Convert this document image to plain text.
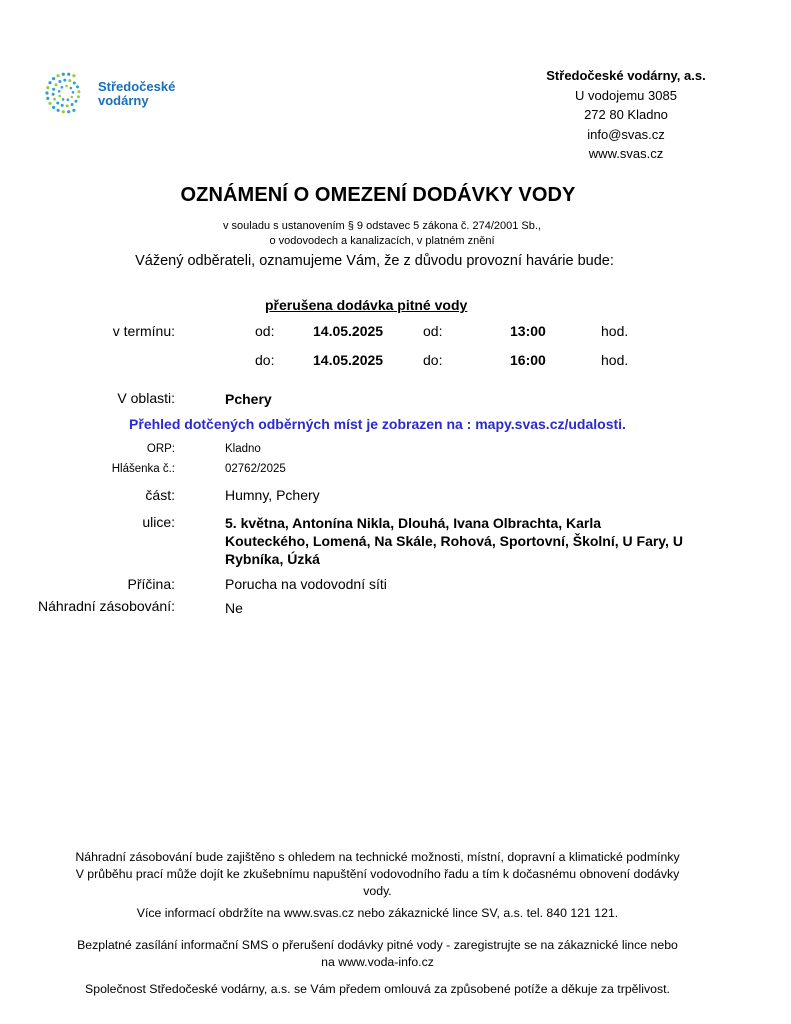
Středočeské
vodárny
Středočeské vodárny, a.s.
U vodojemu 3085
272 80 Kladno
info@svas.cz
www.svas.cz
OZNÁMENÍ O OMEZENÍ DODÁVKY VODY
v souladu s ustanovením § 9 odstavec 5 zákona č. 274/2001 Sb.,
o vodovodech a kanalizacích, v platném znění
Vážený odběrateli, oznamujeme Vám, že z důvodu provozní havárie bude:
přerušena dodávka pitné vody
v termínu:	od:	14.05.2025	od:	13:00	hod.
do:	14.05.2025	do:	16:00	hod.
V oblasti:	Pchery
Přehled dotčených odběrných míst je zobrazen na : mapy.svas.cz/udalosti.
ORP:	Kladno
Hlášenka č.:	02762/2025
část:	Humny, Pchery
ulice:	5. května, Antonína Nikla, Dlouhá, Ivana Olbrachta, Karla Kouteckého, Lomená, Na Skále, Rohová, Sportovní, Školní, U Fary, U Rybníka, Úzká
Příčina:	Porucha na vodovodní síti
Náhradní zásobování:	Ne
Náhradní zásobování bude zajištěno s ohledem na technické možnosti, místní, dopravní a klimatické podmínky
V průběhu prací může dojít ke zkušebnímu napuštění vodovodního řadu a tím k dočasnému obnovení dodávky
vody.
Více informací obdržíte na www.svas.cz nebo zákaznické lince SV, a.s. tel. 840 121 121.
Bezplatné zasílání informační SMS o přerušení dodávky pitné vody - zaregistrujte se na zákaznické lince nebo
na www.voda-info.cz
Společnost Středočeské vodárny, a.s. se Vám předem omlouvá za způsobené potíže a děkuje za trpělivost.
